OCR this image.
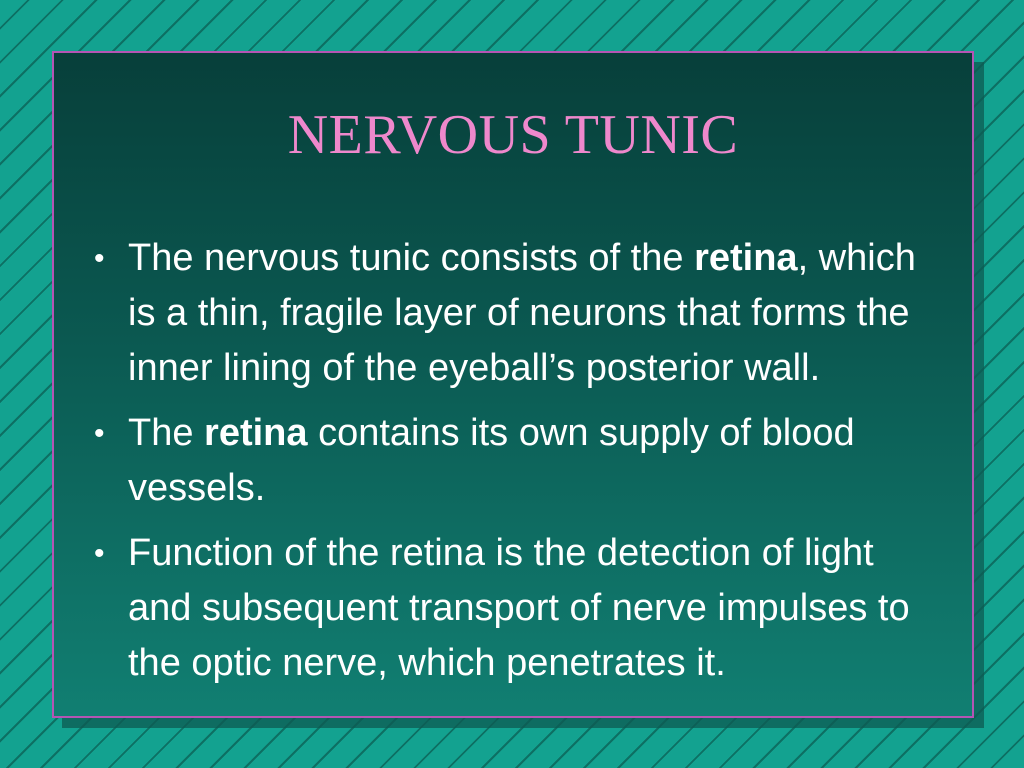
NERVOUS TUNIC
• The nervous tunic consists of the retina, which is a thin, fragile layer of neurons that forms the inner lining of the eyeball’s posterior wall.
• The retina contains its own supply of blood vessels.
• Function of the retina is the detection of light and subsequent transport of nerve impulses to the optic nerve, which penetrates it.
